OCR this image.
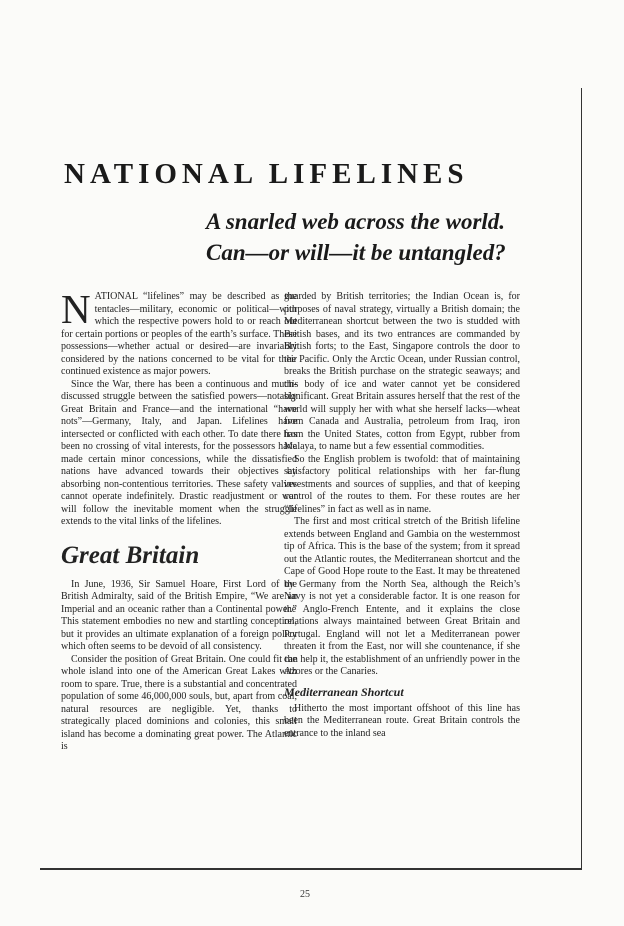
NATIONAL LIFELINES
A snarled web across the world.
Can—or will—it be untangled?

NATIONAL “lifelines” may be described as the tentacles—military, economic or political—with which the respective powers hold to or reach out for certain portions or peoples of the earth’s surface. These possessions—whether actual or desired—are invariably considered by the nations concerned to be vital for their continued existence as major powers.

Since the War, there has been a continuous and much-discussed struggle between the satisfied powers—notably Great Britain and France—and the international “have nots”—Germany, Italy, and Japan. Lifelines have intersected or conflicted with each other. To date there has been no crossing of vital interests, for the possessors have made certain minor concessions, while the dissatisfied nations have advanced towards their objectives by absorbing non-contentious territories. These safety valves cannot operate indefinitely. Drastic readjustment or war will follow the inevitable moment when the struggle extends to the vital links of the lifelines.

Great Britain

In June, 1936, Sir Samuel Hoare, First Lord of the British Admiralty, said of the British Empire, “We are an Imperial and an oceanic rather than a Continental power.” This statement embodies no new and startling conception, but it provides an ultimate explanation of a foreign policy which often seems to be devoid of all consistency.

Consider the position of Great Britain. One could fit the whole island into one of the American Great Lakes with room to spare. True, there is a substantial and concentrated population of some 46,000,000 souls, but, apart from coal, natural resources are negligible. Yet, thanks to strategically placed dominions and colonies, this small island has become a dominating great power. The Atlantic is

guarded by British territories; the Indian Ocean is, for purposes of naval strategy, virtually a British domain; the Mediterranean shortcut between the two is studded with British bases, and its two entrances are commanded by British forts; to the East, Singapore controls the door to the Pacific. Only the Arctic Ocean, under Russian control, breaks the British purchase on the strategic seaways; and this body of ice and water cannot yet be considered significant. Great Britain assures herself that the rest of the world will supply her with what she herself lacks—wheat from Canada and Australia, petroleum from Iraq, iron from the United States, cotton from Egypt, rubber from Malaya, to name but a few essential commodities.

So the English problem is twofold: that of maintaining satisfactory political relationships with her far-flung investments and sources of supplies, and that of keeping control of the routes to them. For these routes are her “lifelines” in fact as well as in name.

The first and most critical stretch of the British lifeline extends between England and Gambia on the westernmost tip of Africa. This is the base of the system; from it spread out the Atlantic routes, the Mediterranean shortcut and the Cape of Good Hope route to the East. It may be threatened by Germany from the North Sea, although the Reich’s Navy is not yet a considerable factor. It is one reason for the Anglo-French Entente, and it explains the close relations always maintained between Great Britain and Portugal. England will not let a Mediterranean power threaten it from the East, nor will she countenance, if she can help it, the establishment of an unfriendly power in the Azores or the Canaries.

Mediterranean Shortcut

Hitherto the most important offshoot of this line has been the Mediterranean route. Great Britain controls the entrance to the inland sea

25
